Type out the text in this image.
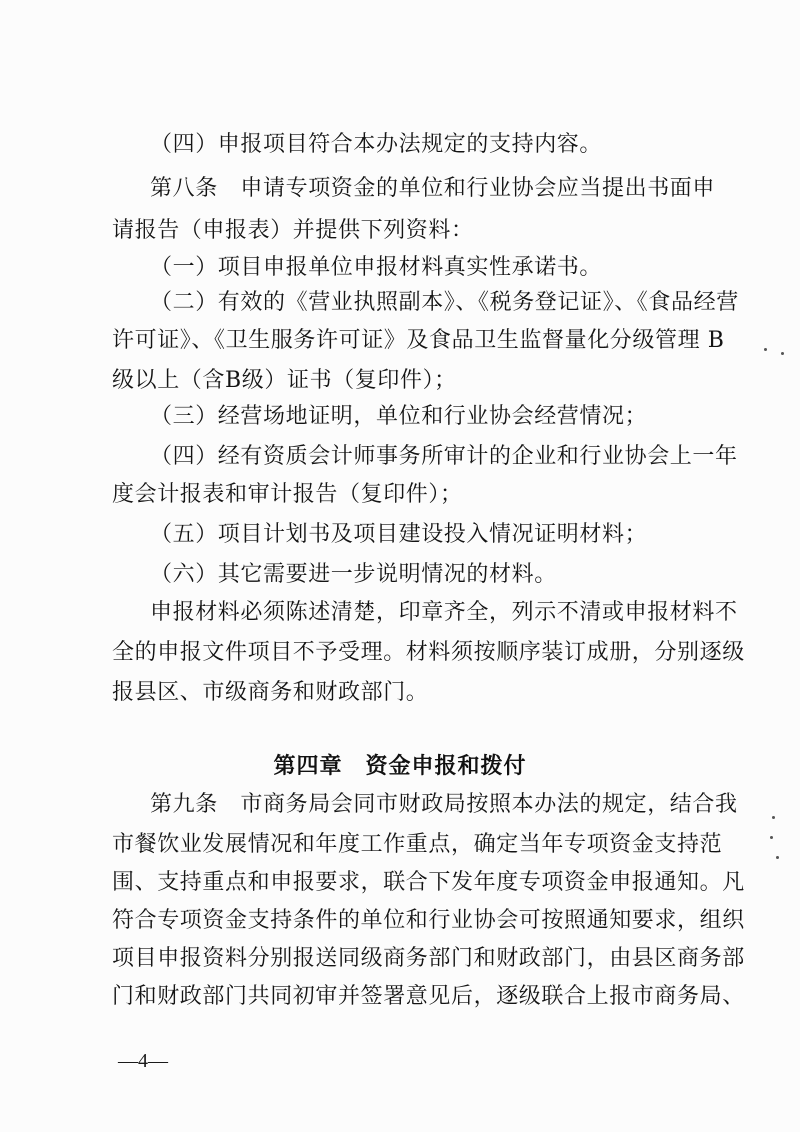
（四）申报项目符合本办法规定的支持内容。
第八条　申请专项资金的单位和行业协会应当提出书面申
请报告（申报表）并提供下列资料：
（一）项目申报单位申报材料真实性承诺书。
（二）有效的《营业执照副本》、《税务登记证》、《食品经营
许可证》、《卫生服务许可证》及食品卫生监督量化分级管理 B
级以上（含B级）证书（复印件）；
（三）经营场地证明，单位和行业协会经营情况；
（四）经有资质会计师事务所审计的企业和行业协会上一年
度会计报表和审计报告（复印件）；
（五）项目计划书及项目建设投入情况证明材料；
（六）其它需要进一步说明情况的材料。
申报材料必须陈述清楚，印章齐全，列示不清或申报材料不
全的申报文件项目不予受理。材料须按顺序装订成册，分别逐级
报县区、市级商务和财政部门。
第四章　资金申报和拨付
第九条　市商务局会同市财政局按照本办法的规定，结合我
市餐饮业发展情况和年度工作重点，确定当年专项资金支持范
围、支持重点和申报要求，联合下发年度专项资金申报通知。凡
符合专项资金支持条件的单位和行业协会可按照通知要求，组织
项目申报资料分别报送同级商务部门和财政部门，由县区商务部
门和财政部门共同初审并签署意见后，逐级联合上报市商务局、
—4—
